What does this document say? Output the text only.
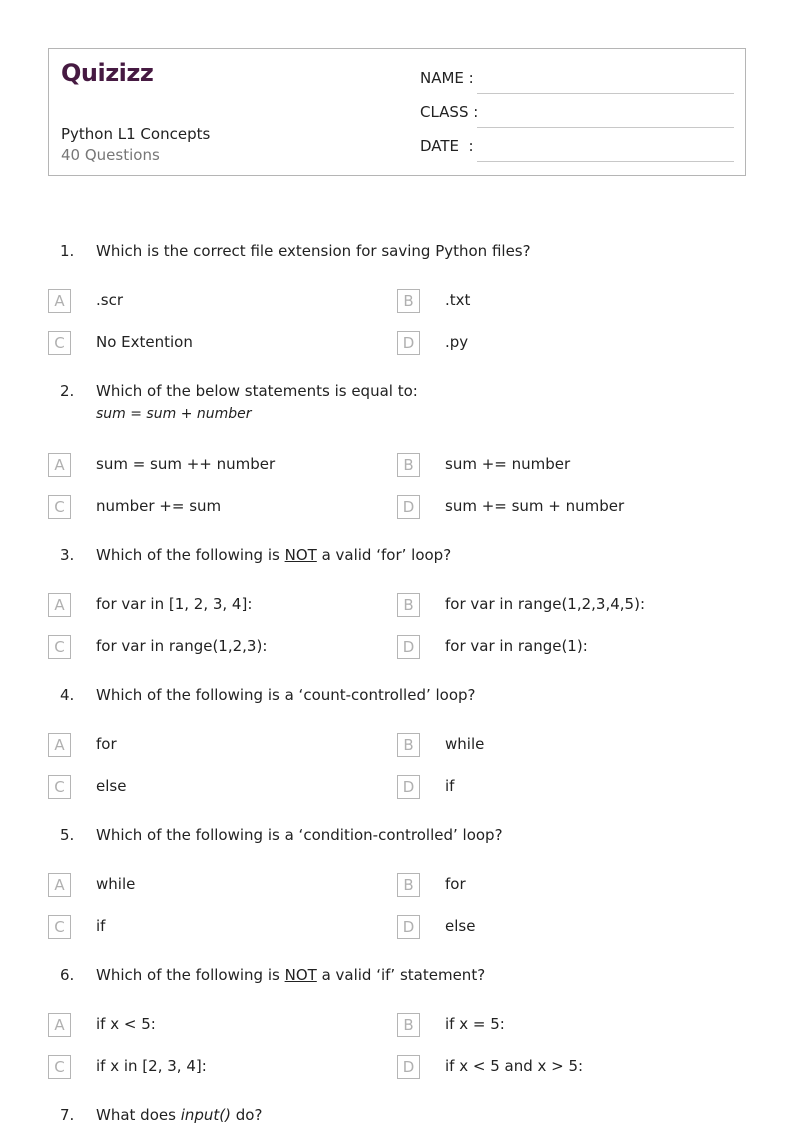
Quizizz
Python L1 Concepts
40 Questions
NAME :
CLASS :
DATE  :
1. Which is the correct file extension for saving Python files?
A	.scr	B	.txt
C	No Extention	D	.py
2. Which of the below statements is equal to:
sum = sum + number
A	sum = sum ++ number	B	sum += number
C	number += sum	D	sum += sum + number
3. Which of the following is NOT a valid ‘for’ loop?
A	for var in [1, 2, 3, 4]:	B	for var in range(1,2,3,4,5):
C	for var in range(1,2,3):	D	for var in range(1):
4. Which of the following is a ‘count-controlled’ loop?
A	for	B	while
C	else	D	if
5. Which of the following is a ‘condition-controlled’ loop?
A	while	B	for
C	if	D	else
6. Which of the following is NOT a valid ‘if’ statement?
A	if x < 5:	B	if x = 5:
C	if x in [2, 3, 4]:	D	if x < 5 and x > 5:
7. What does input() do?
